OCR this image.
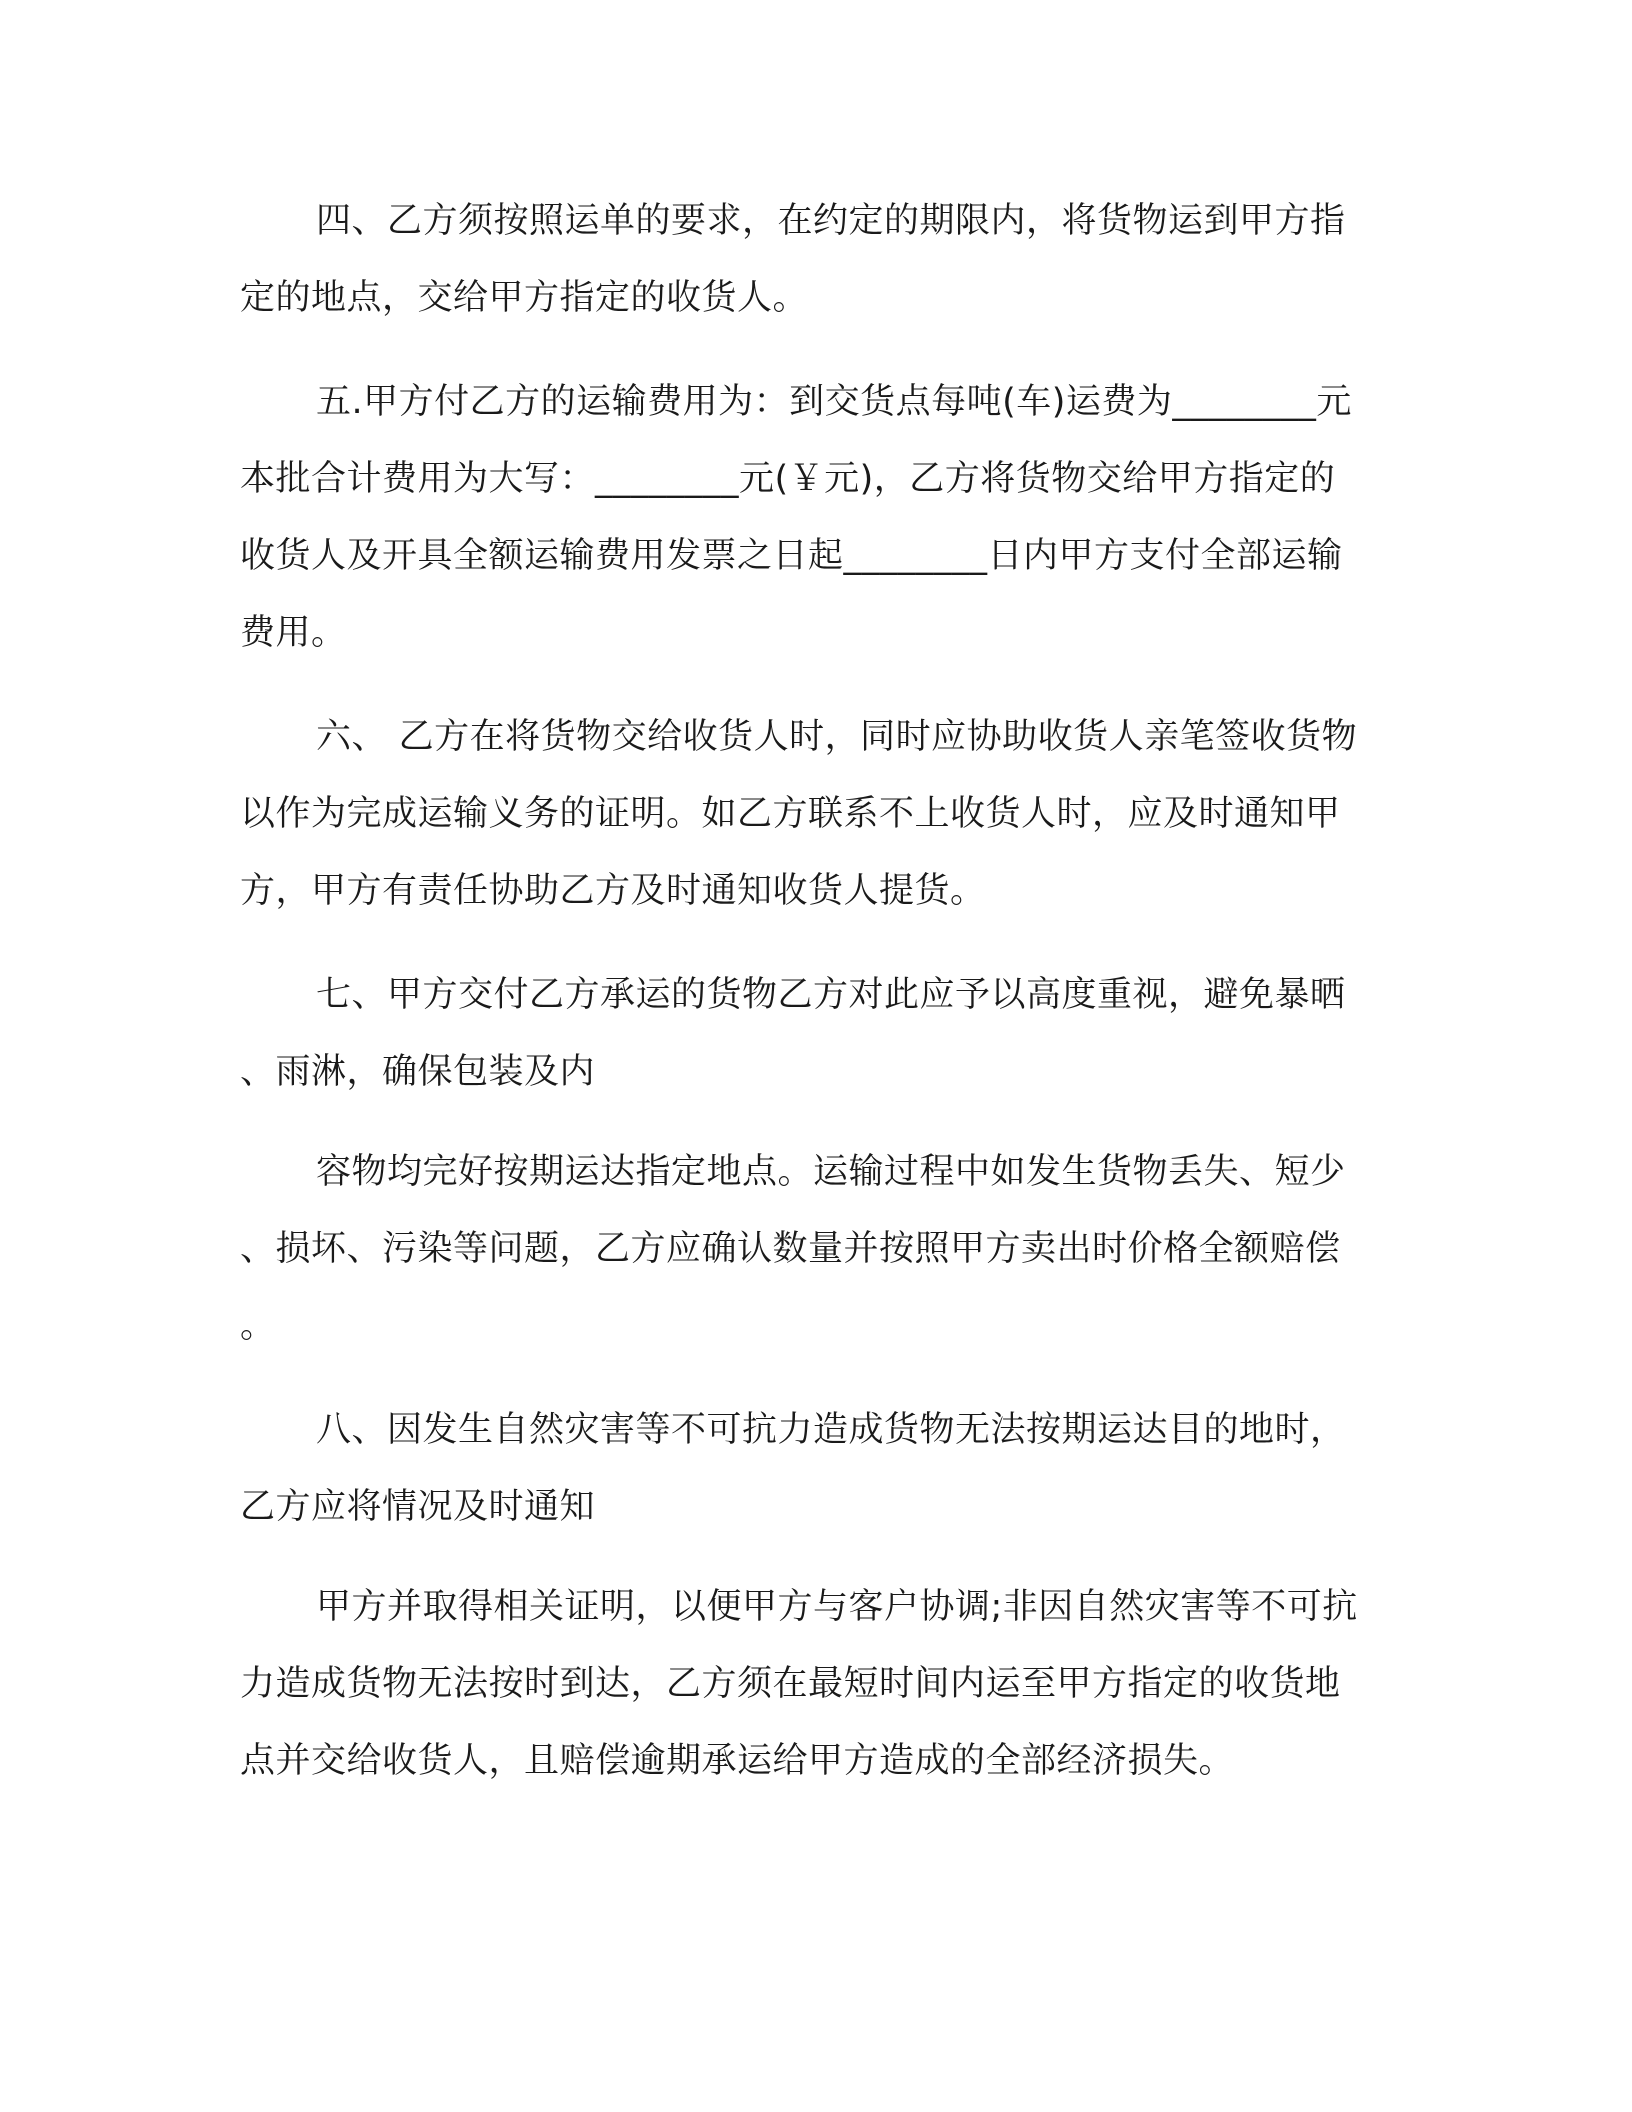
四、乙方须按照运单的要求，在约定的期限内，将货物运到甲方指定的地点，交给甲方指定的收货人。

五.甲方付乙方的运输费用为：到交货点每吨(车)运费为________元 本批合计费用为大写：________元(￥元)，乙方将货物交给甲方指定的收货人及开具全额运输费用发票之日起________日内甲方支付全部运输费用。

六、 乙方在将货物交给收货人时，同时应协助收货人亲笔签收货物以作为完成运输义务的证明。如乙方联系不上收货人时，应及时通知甲方，甲方有责任协助乙方及时通知收货人提货。

七、甲方交付乙方承运的货物乙方对此应予以高度重视，避免暴晒、雨淋，确保包装及内

容物均完好按期运达指定地点。运输过程中如发生货物丢失、短少、损坏、污染等问题，乙方应确认数量并按照甲方卖出时价格全额赔偿。

八、因发生自然灾害等不可抗力造成货物无法按期运达目的地时，乙方应将情况及时通知

甲方并取得相关证明，以便甲方与客户协调;非因自然灾害等不可抗力造成货物无法按时到达，乙方须在最短时间内运至甲方指定的收货地点并交给收货人，且赔偿逾期承运给甲方造成的全部经济损失。
